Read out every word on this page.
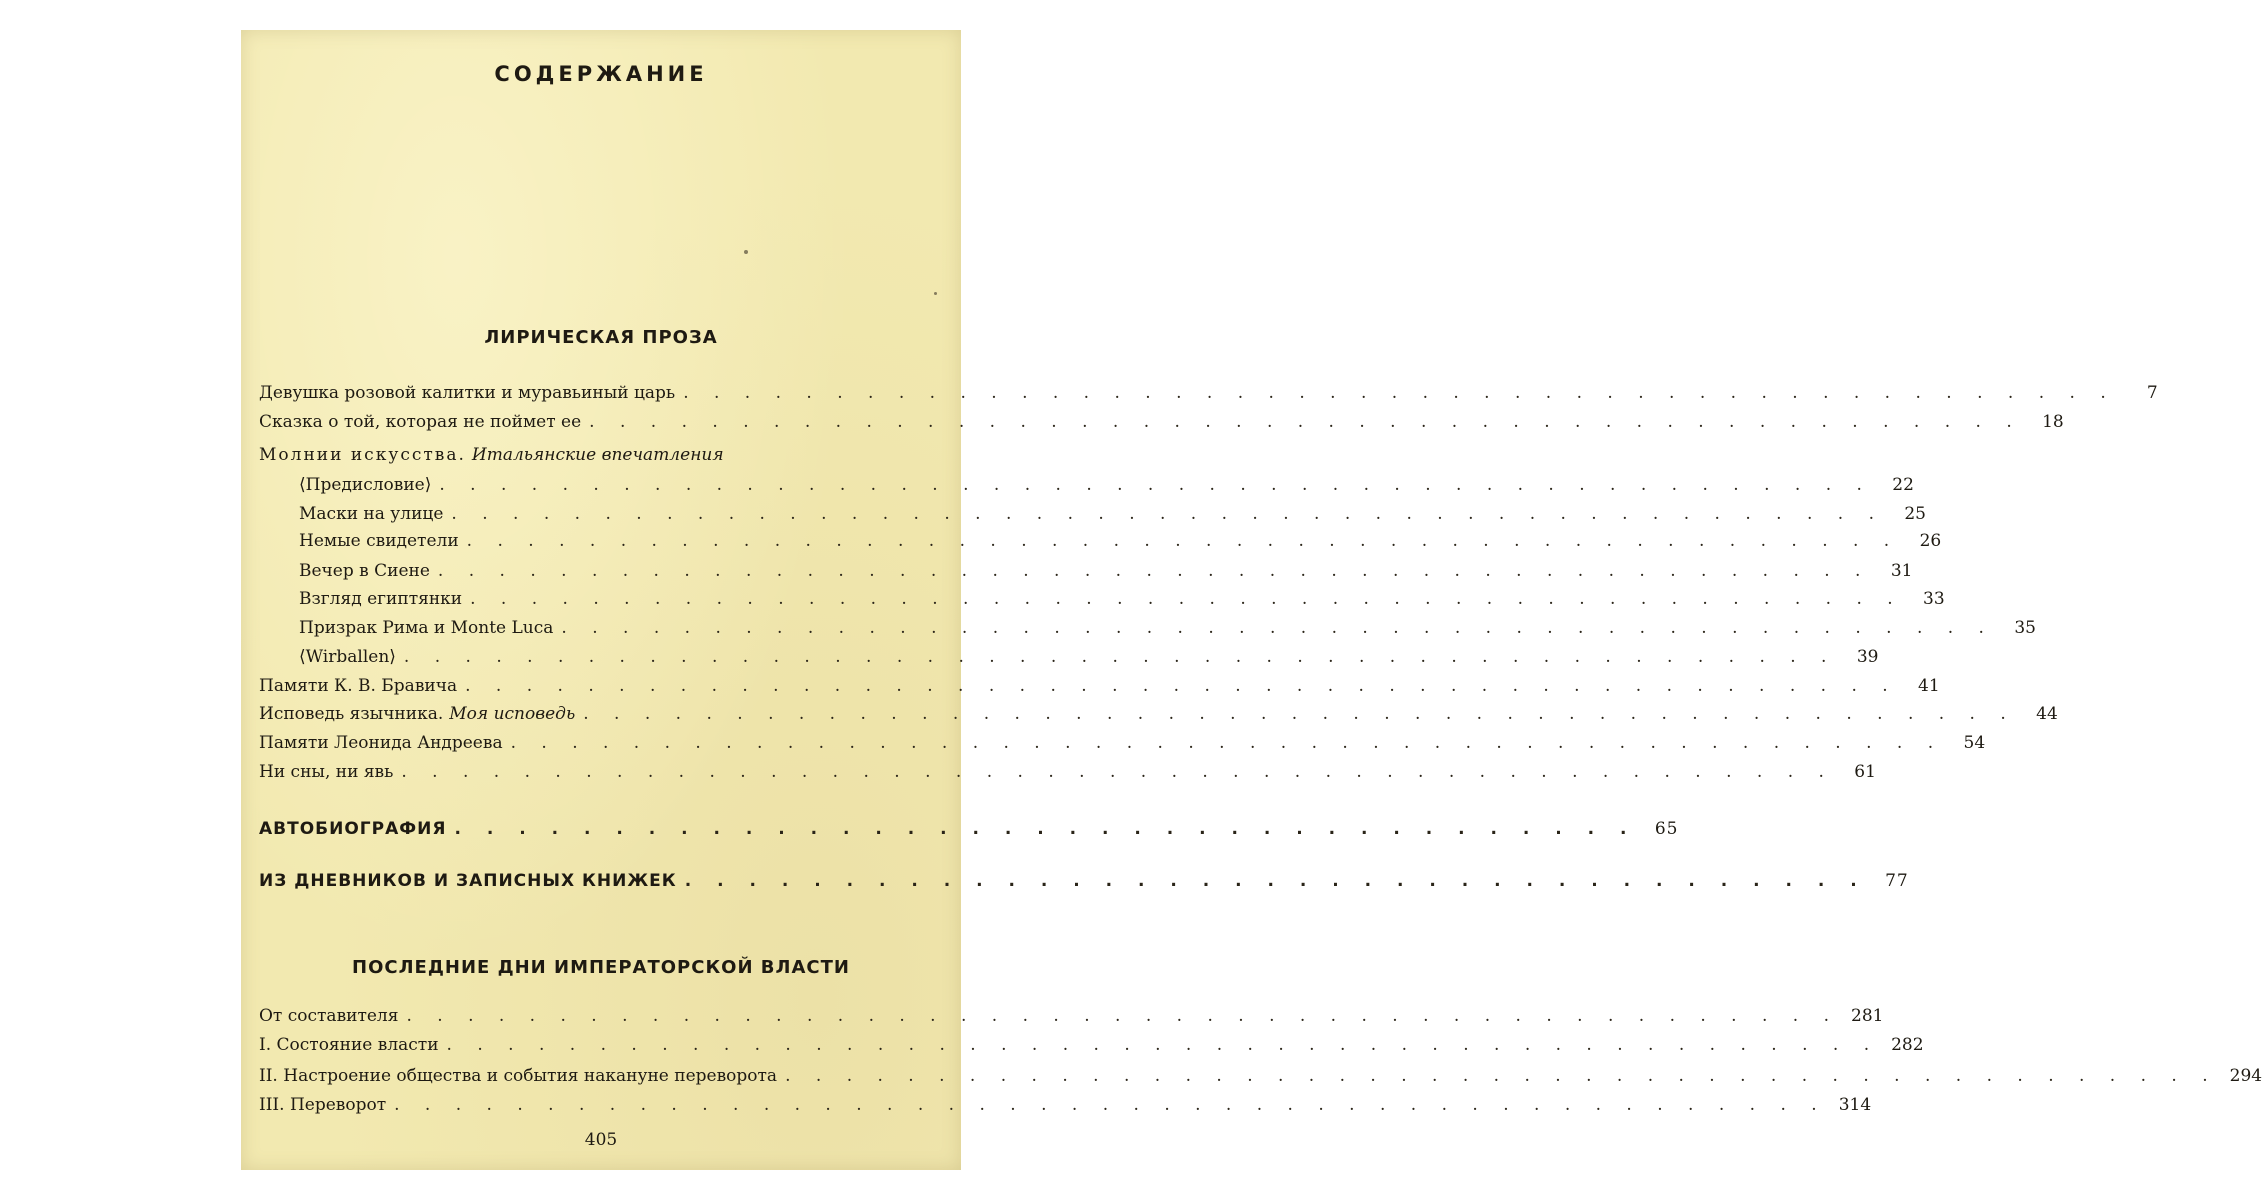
СОДЕРЖАНИЕ
ЛИРИЧЕСКАЯ ПРОЗА
Девушка розовой калитки и муравьиный царь . . . . . . . . . . . . . . . . . . . . . . . . . . . . . . . . . . . . . . . . . . . . . . .	7
Сказка о той, которая не поймет ее . . . . . . . . . . . . . . . . . . . . . . . . . . . . . . . . . . . . . . . . . . . . . . .	18
Молнии искусства. Итальянские впечатления
⟨Предисловие⟩ . . . . . . . . . . . . . . . . . . . . . . . . . . . . . . . . . . . . . . . . . . . . . . .	22
Маски на улице . . . . . . . . . . . . . . . . . . . . . . . . . . . . . . . . . . . . . . . . . . . . . . .	25
Немые свидетели . . . . . . . . . . . . . . . . . . . . . . . . . . . . . . . . . . . . . . . . . . . . . . .	26
Вечер в Сиене . . . . . . . . . . . . . . . . . . . . . . . . . . . . . . . . . . . . . . . . . . . . . . .	31
Взгляд египтянки . . . . . . . . . . . . . . . . . . . . . . . . . . . . . . . . . . . . . . . . . . . . . . .	33
Призрак Рима и Monte Luca . . . . . . . . . . . . . . . . . . . . . . . . . . . . . . . . . . . . . . . . . . . . . . .	35
⟨Wirballen⟩ . . . . . . . . . . . . . . . . . . . . . . . . . . . . . . . . . . . . . . . . . . . . . . .	39
Памяти К. В. Бравича . . . . . . . . . . . . . . . . . . . . . . . . . . . . . . . . . . . . . . . . . . . . . . .	41
Исповедь язычника. Моя исповедь . . . . . . . . . . . . . . . . . . . . . . . . . . . . . . . . . . . . . . . . . . . . . . .	44
Памяти Леонида Андреева . . . . . . . . . . . . . . . . . . . . . . . . . . . . . . . . . . . . . . . . . . . . . . .	54
Ни сны, ни явь . . . . . . . . . . . . . . . . . . . . . . . . . . . . . . . . . . . . . . . . . . . . . . .	61
АВТОБИОГРАФИЯ . . . . . . . . . . . . . . . . . . . . . . . . . . . . . . . . . . . . .	65
ИЗ ДНЕВНИКОВ И ЗАПИСНЫХ КНИЖЕК . . . . . . . . . . . . . . . . . . . . . . . . . . . . . . . . . . . . .	77
ПОСЛЕДНИЕ ДНИ ИМПЕРАТОРСКОЙ ВЛАСТИ
От составителя . . . . . . . . . . . . . . . . . . . . . . . . . . . . . . . . . . . . . . . . . . . . . . . 281
I. Состояние власти . . . . . . . . . . . . . . . . . . . . . . . . . . . . . . . . . . . . . . . . . . . . . . . 282
II. Настроение общества и события накануне переворота . . . . . . . . . . . . . . . . . . . . . . . . . . . . . . . . . . . . . . . . . . . . . . . 294
III. Переворот . . . . . . . . . . . . . . . . . . . . . . . . . . . . . . . . . . . . . . . . . . . . . . . 314
405
